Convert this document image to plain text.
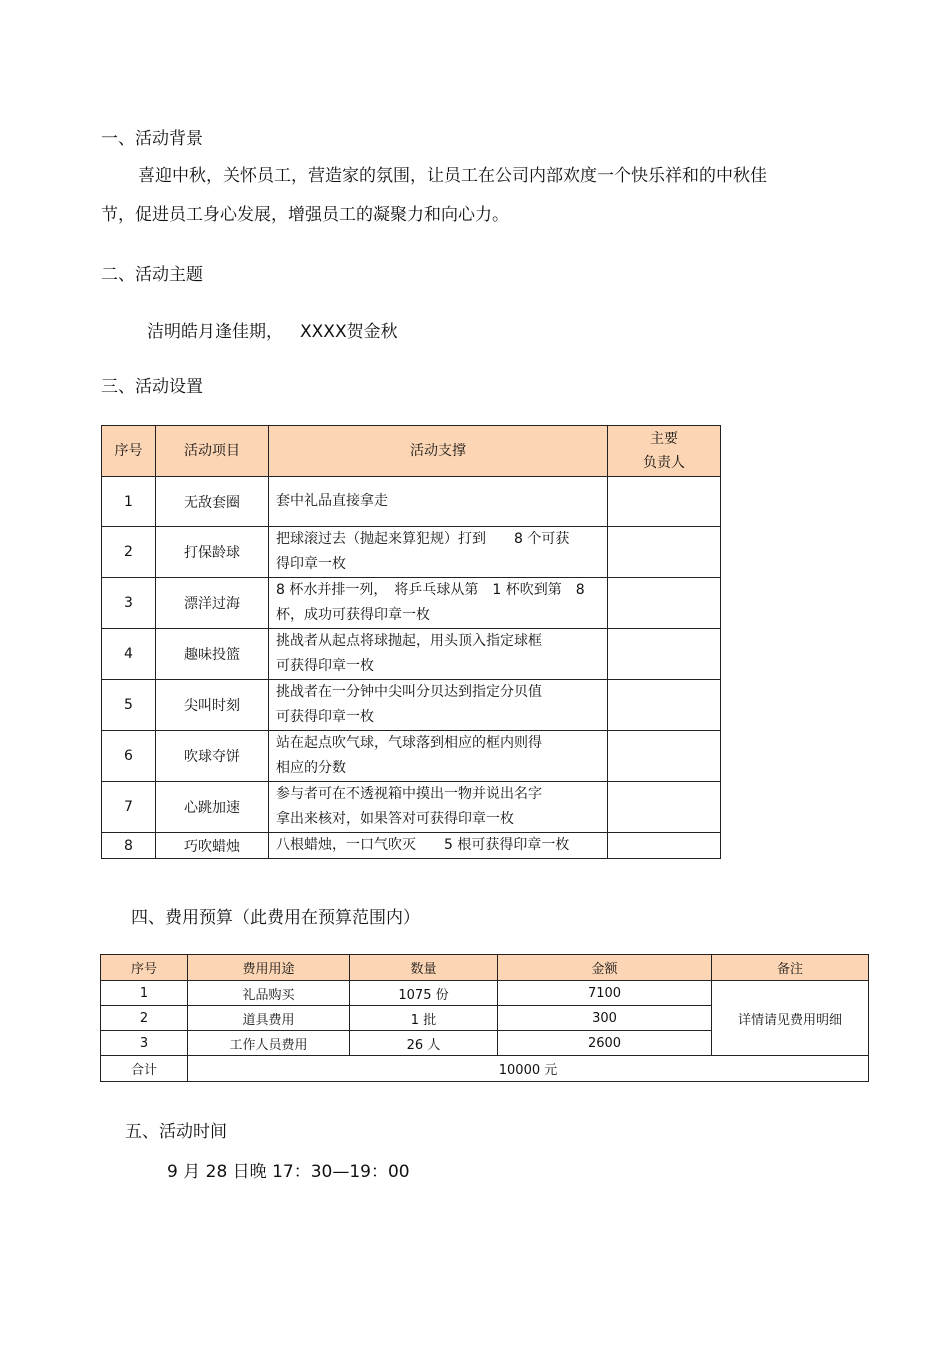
一、活动背景
喜迎中秋，关怀员工，营造家的氛围，让员工在公司内部欢度一个快乐祥和的中秋佳
节，促进员工身心发展，增强员工的凝聚力和向心力。
二、活动主题
洁明皓月逢佳期， XXXX贺金秋
三、活动设置
序号	活动项目	活动支撑	主要
负责人

1	无敌套圈	套中礼品直接拿走	

2	打保龄球	把球滚过去（抛起来算犯规）打到　　8 个可获
得印章一枚	

3	漂洋过海	8 杯水并排一列，　将乒乓球从第　1 杯吹到第　8
杯，成功可获得印章一枚	

4	趣味投篮	挑战者从起点将球抛起，用头顶入指定球框
可获得印章一枚	

5	尖叫时刻	挑战者在一分钟中尖叫分贝达到指定分贝值
可获得印章一枚	

6	吹球夺饼	站在起点吹气球，气球落到相应的框内则得
相应的分数	

7	心跳加速	参与者可在不透视箱中摸出一物并说出名字
拿出来核对，如果答对可获得印章一枚	

8	巧吹蜡烛	八根蜡烛，一口气吹灭　　5 根可获得印章一枚	

四、费用预算（此费用在预算范围内）
序号	费用用途	数量	金额	备注
1	礼品购买	1075 份	7100	详情请见费用明细
2	道具费用	1 批	300	
3	工作人员费用	26 人	2600	
合计	10000 元			
五、活动时间
9 月 28 日晚 17：30—19：00
